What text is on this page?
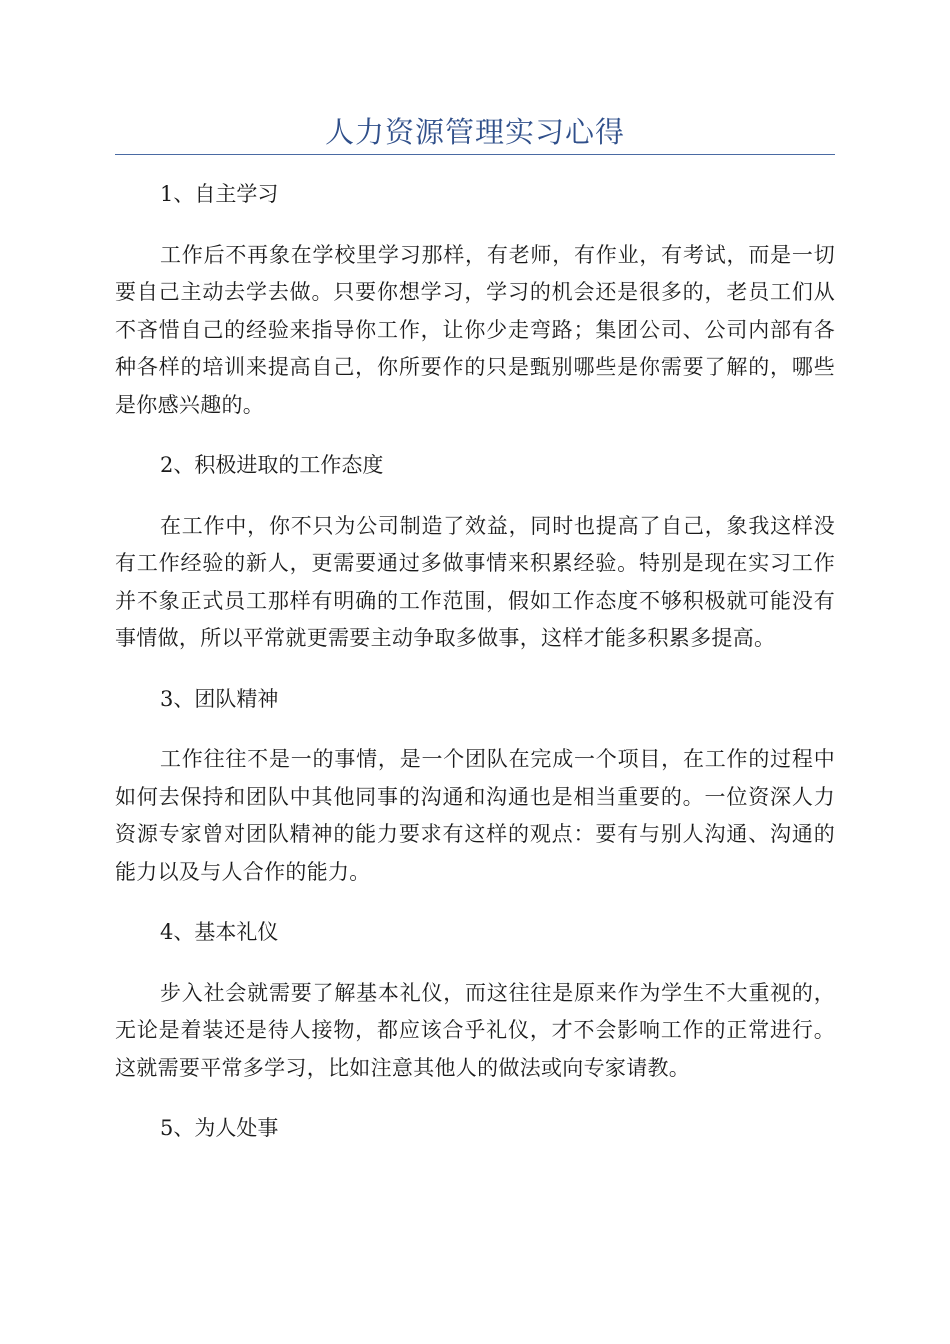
人力资源管理实习心得
1、自主学习
工作后不再象在学校里学习那样，有老师，有作业，有考试，而是一切要自己主动去学去做。只要你想学习，学习的机会还是很多的，老员工们从不吝惜自己的经验来指导你工作，让你少走弯路；集团公司、公司内部有各种各样的培训来提高自己，你所要作的只是甄别哪些是你需要了解的，哪些是你感兴趣的。
2、积极进取的工作态度
在工作中，你不只为公司制造了效益，同时也提高了自己，象我这样没有工作经验的新人，更需要通过多做事情来积累经验。特别是现在实习工作并不象正式员工那样有明确的工作范围，假如工作态度不够积极就可能没有事情做，所以平常就更需要主动争取多做事，这样才能多积累多提高。
3、团队精神
工作往往不是一的事情，是一个团队在完成一个项目，在工作的过程中如何去保持和团队中其他同事的沟通和沟通也是相当重要的。一位资深人力资源专家曾对团队精神的能力要求有这样的观点：要有与别人沟通、沟通的能力以及与人合作的能力。
4、基本礼仪
步入社会就需要了解基本礼仪，而这往往是原来作为学生不大重视的，无论是着装还是待人接物，都应该合乎礼仪，才不会影响工作的正常进行。这就需要平常多学习，比如注意其他人的做法或向专家请教。
5、为人处事
